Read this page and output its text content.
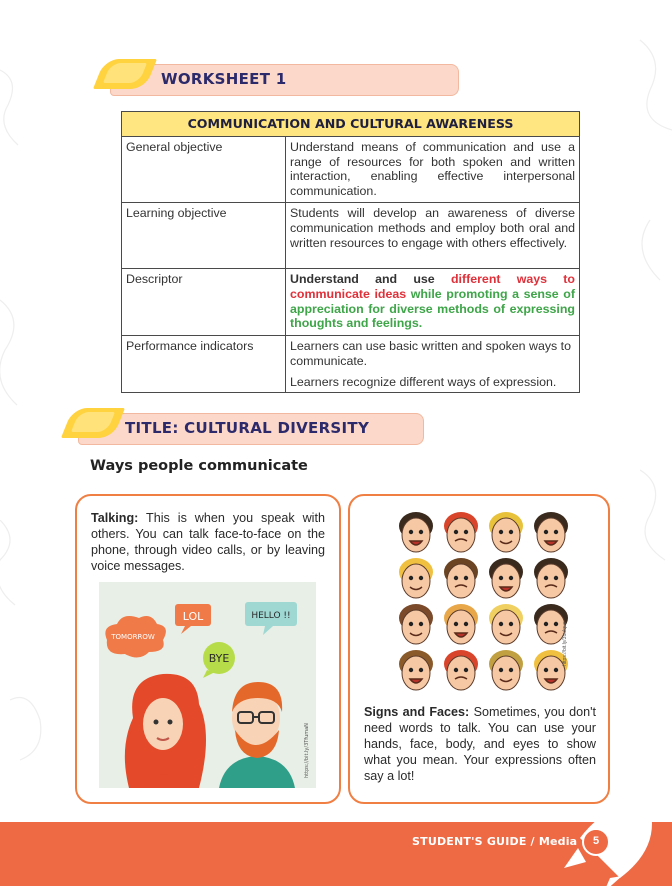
WORKSHEET 1
COMMUNICATION AND CULTURAL AWARENESS	
General objective	Understand means of communication and use a range of resources for both spoken and written interaction, enabling effective interpersonal communication.
Learning objective	Students will develop an awareness of diverse communication methods and employ both oral and written resources to engage with others effectively.
Descriptor	Understand and use different ways to communicate ideas while promoting a sense of appreciation for diverse methods of expressing thoughts and feelings.
Performance indicators	Learners can use basic written and spoken ways to communicate.
Learners recognize different ways of expression.
TITLE: CULTURAL DIVERSITY
Ways people communicate
Talking: This is when you speak with others. You can talk face-to-face on the phone, through video calls, or by leaving voice messages.
LOL	HELLO !!
TOMORROW
BYE
https://bit.ly/3TfumaN
Signs and Faces: Sometimes, you don't need words to talk. You can use your hands, face, body, and eyes to show what you mean. Your expressions often say a lot!
https://bit.ly/3bulque
STUDENT'S GUIDE / Media	5
